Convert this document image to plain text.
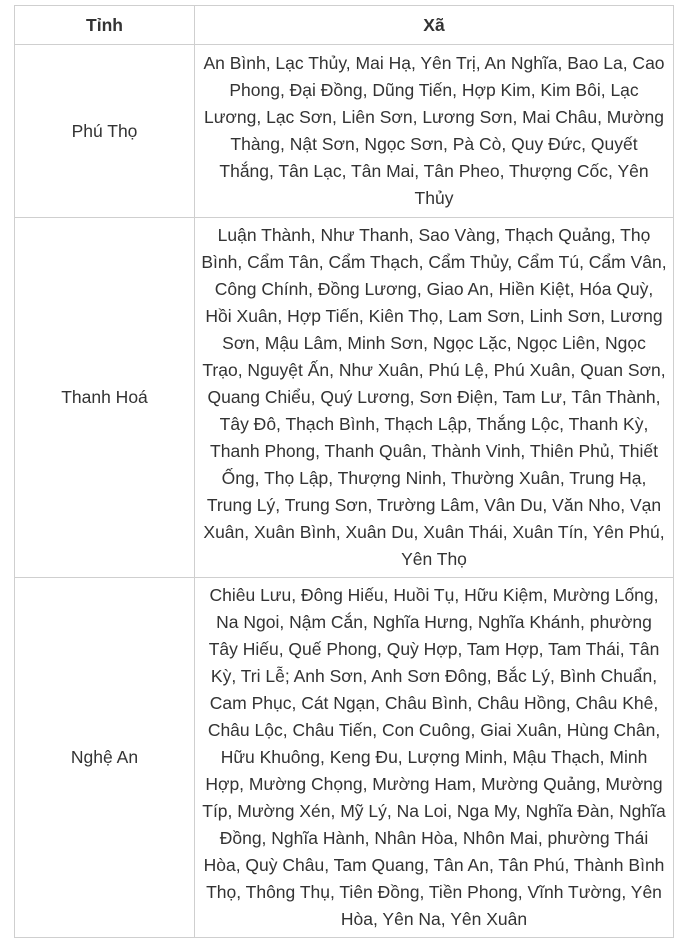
Tỉnh	Xã
Phú Thọ	An Bình, Lạc Thủy, Mai Hạ, Yên Trị, An Nghĩa, Bao La, Cao Phong, Đại Đồng, Dũng Tiến, Hợp Kim, Kim Bôi, Lạc Lương, Lạc Sơn, Liên Sơn, Lương Sơn, Mai Châu, Mường Thàng, Nật Sơn, Ngọc Sơn, Pà Cò, Quy Đức, Quyết Thắng, Tân Lạc, Tân Mai, Tân Pheo, Thượng Cốc, Yên Thủy
Thanh Hoá	Luận Thành, Như Thanh, Sao Vàng, Thạch Quảng, Thọ Bình, Cẩm Tân, Cẩm Thạch, Cẩm Thủy, Cẩm Tú, Cẩm Vân, Công Chính, Đồng Lương, Giao An, Hiền Kiệt, Hóa Quỳ, Hồi Xuân, Hợp Tiến, Kiên Thọ, Lam Sơn, Linh Sơn, Lương Sơn, Mậu Lâm, Minh Sơn, Ngọc Lặc, Ngọc Liên, Ngọc Trạo, Nguyệt Ấn, Như Xuân, Phú Lệ, Phú Xuân, Quan Sơn, Quang Chiểu, Quý Lương, Sơn Điện, Tam Lư, Tân Thành, Tây Đô, Thạch Bình, Thạch Lập, Thắng Lộc, Thanh Kỳ, Thanh Phong, Thanh Quân, Thành Vinh, Thiên Phủ, Thiết Ống, Thọ Lập, Thượng Ninh, Thường Xuân, Trung Hạ, Trung Lý, Trung Sơn, Trường Lâm, Vân Du, Văn Nho, Vạn Xuân, Xuân Bình, Xuân Du, Xuân Thái, Xuân Tín, Yên Phú, Yên Thọ
Nghệ An	Chiêu Lưu, Đông Hiếu, Huồi Tụ, Hữu Kiệm, Mường Lống, Na Ngoi, Nậm Cắn, Nghĩa Hưng, Nghĩa Khánh, phường Tây Hiếu, Quế Phong, Quỳ Hợp, Tam Hợp, Tam Thái, Tân Kỳ, Tri Lễ; Anh Sơn, Anh Sơn Đông, Bắc Lý, Bình Chuẩn, Cam Phục, Cát Ngạn, Châu Bình, Châu Hồng, Châu Khê, Châu Lộc, Châu Tiến, Con Cuông, Giai Xuân, Hùng Chân, Hữu Khuông, Keng Đu, Lượng Minh, Mậu Thạch, Minh Hợp, Mường Chọng, Mường Ham, Mường Quảng, Mường Típ, Mường Xén, Mỹ Lý, Na Loi, Nga My, Nghĩa Đàn, Nghĩa Đồng, Nghĩa Hành, Nhân Hòa, Nhôn Mai, phường Thái Hòa, Quỳ Châu, Tam Quang, Tân An, Tân Phú, Thành Bình Thọ, Thông Thụ, Tiên Đồng, Tiền Phong, Vĩnh Tường, Yên Hòa, Yên Na, Yên Xuân
